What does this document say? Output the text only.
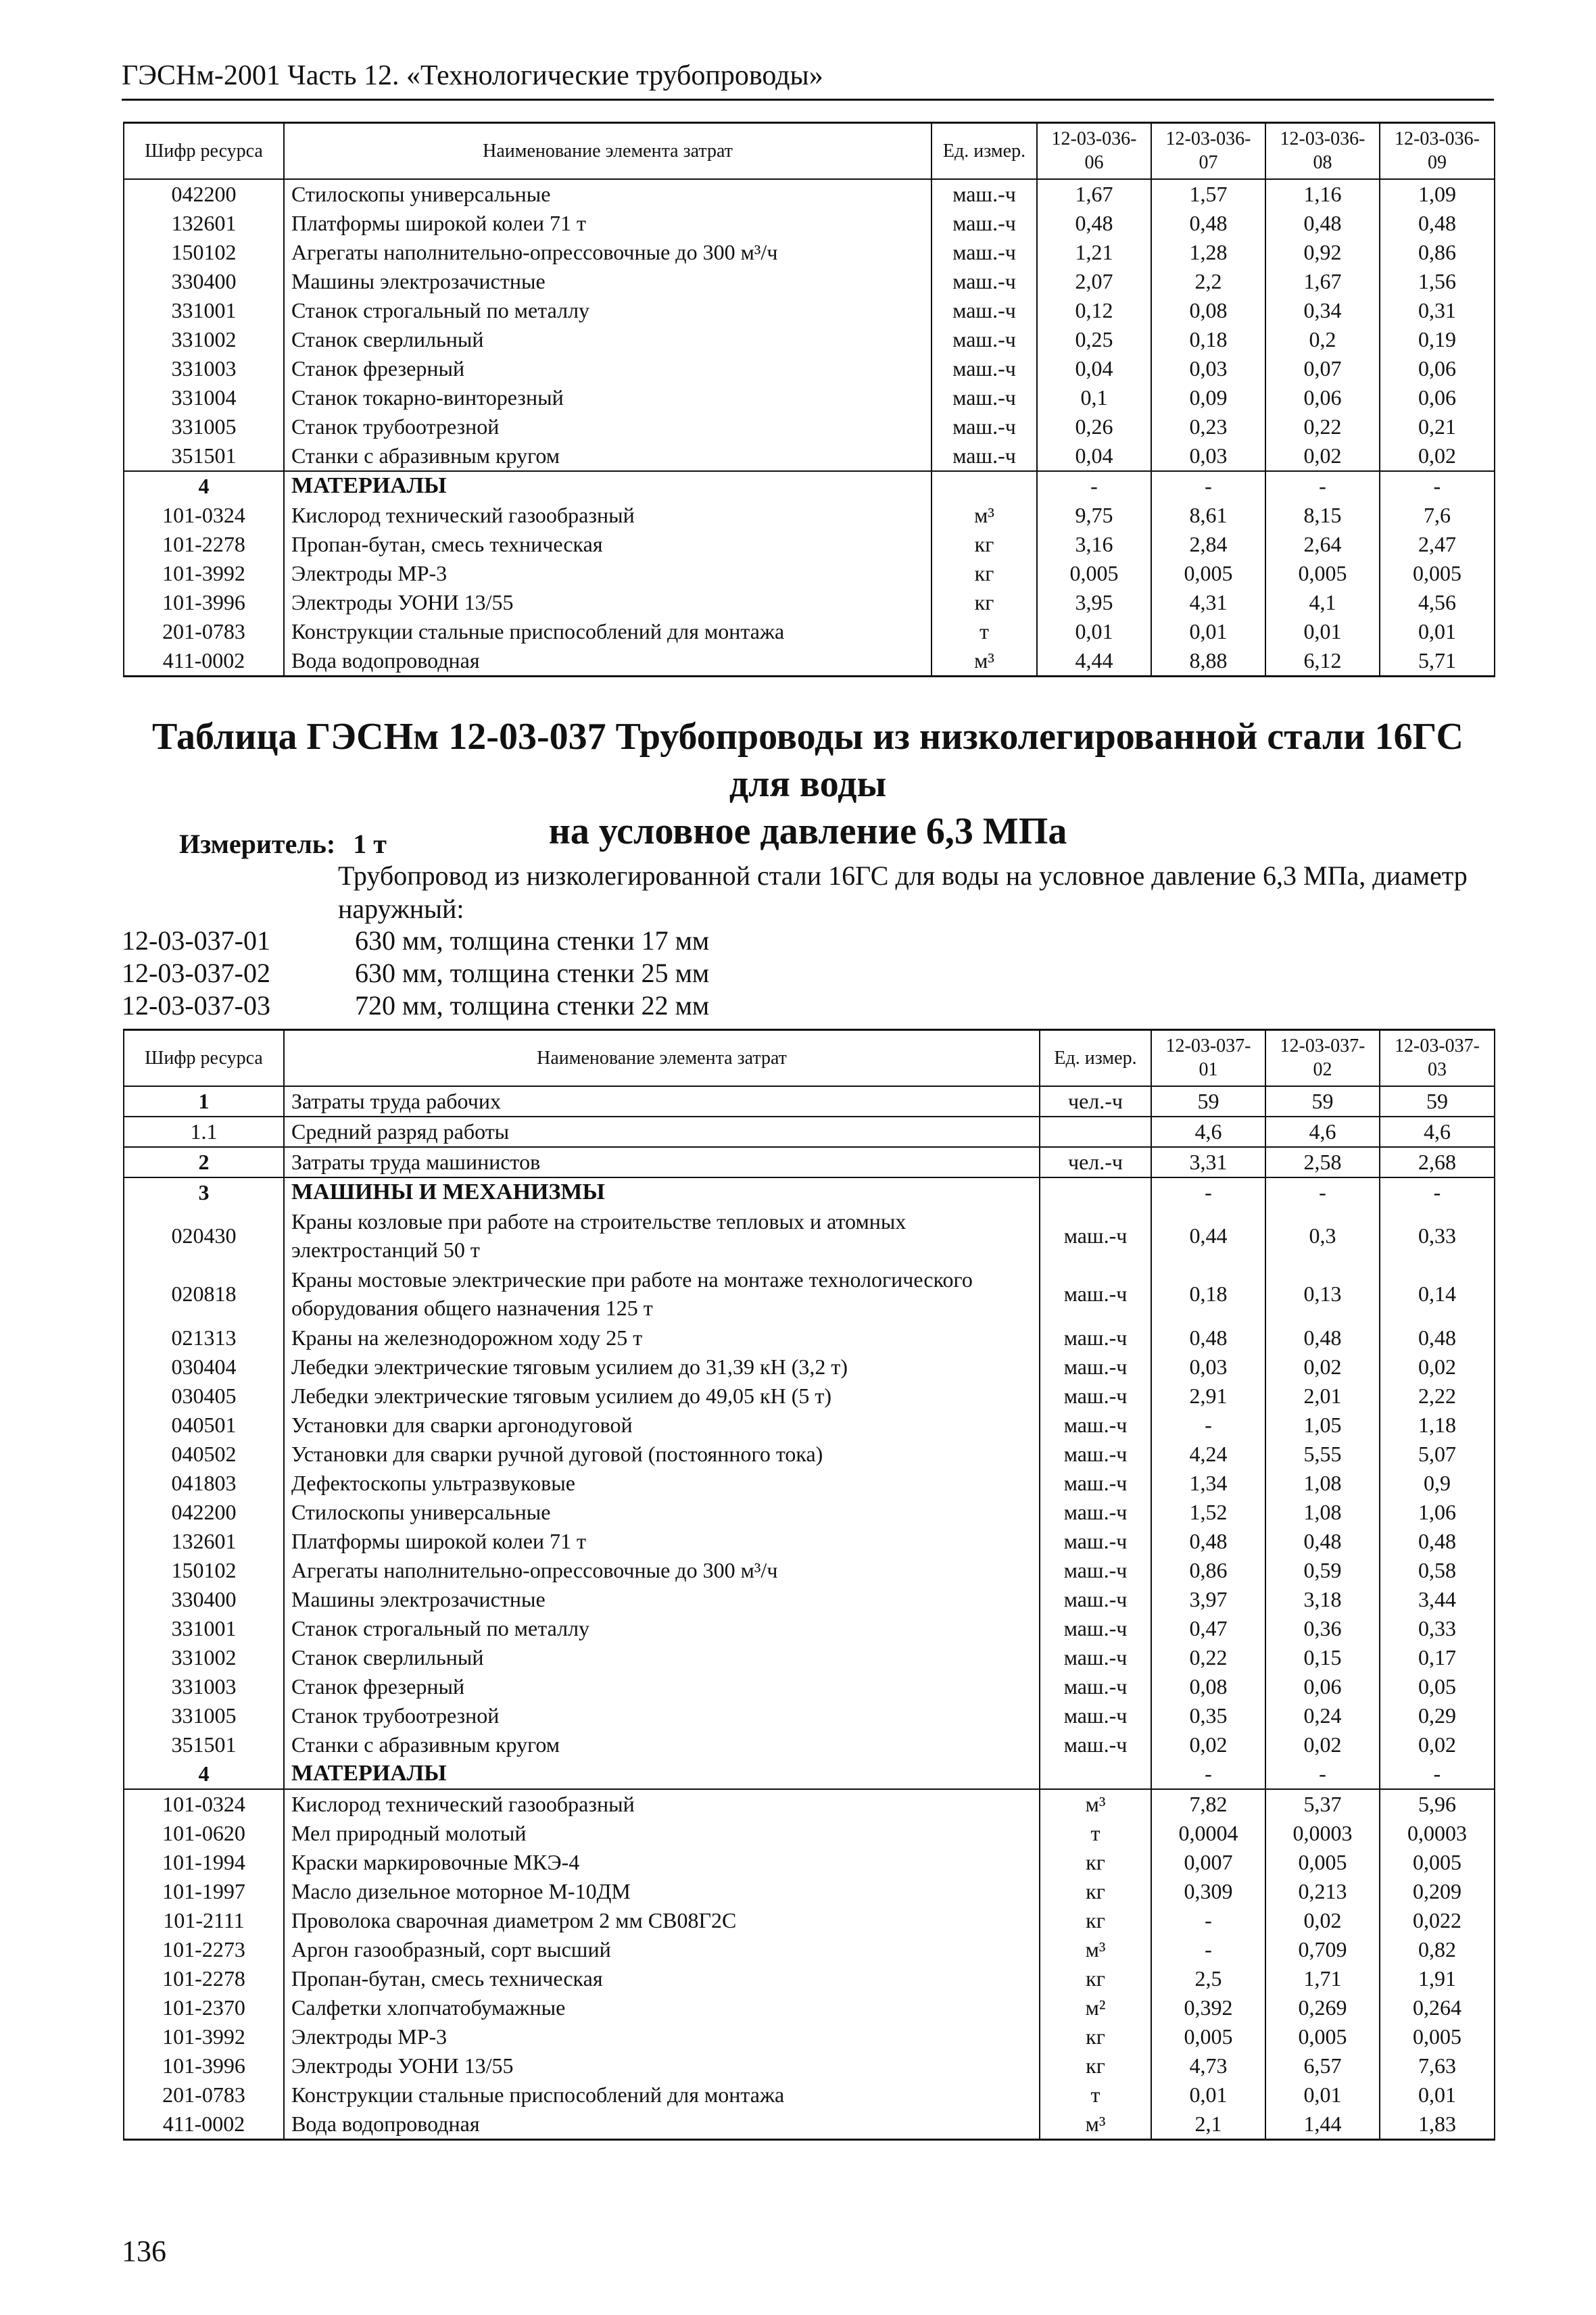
ГЭСНм-2001 Часть 12. «Технологические трубопроводы»
Шифр ресурса	Наименование элемента затрат	Ед. измер.	12-03-036-06	12-03-036-07	12-03-036-08	12-03-036-09
042200	Стилоскопы универсальные	маш.-ч	1,67	1,57	1,16	1,09
132601	Платформы широкой колеи 71 т	маш.-ч	0,48	0,48	0,48	0,48
150102	Агрегаты наполнительно-опрессовочные до 300 м³/ч	маш.-ч	1,21	1,28	0,92	0,86
330400	Машины электрозачистные	маш.-ч	2,07	2,2	1,67	1,56
331001	Станок строгальный по металлу	маш.-ч	0,12	0,08	0,34	0,31
331002	Станок сверлильный	маш.-ч	0,25	0,18	0,2	0,19
331003	Станок фрезерный	маш.-ч	0,04	0,03	0,07	0,06
331004	Станок токарно-винторезный	маш.-ч	0,1	0,09	0,06	0,06
331005	Станок трубоотрезной	маш.-ч	0,26	0,23	0,22	0,21
351501	Станки с абразивным кругом	маш.-ч	0,04	0,03	0,02	0,02
4	МАТЕРИАЛЫ		-	-	-	-
101-0324	Кислород технический газообразный	м³	9,75	8,61	8,15	7,6
101-2278	Пропан-бутан, смесь техническая	кг	3,16	2,84	2,64	2,47
101-3992	Электроды МР-3	кг	0,005	0,005	0,005	0,005
101-3996	Электроды УОНИ 13/55	кг	3,95	4,31	4,1	4,56
201-0783	Конструкции стальные приспособлений для монтажа	т	0,01	0,01	0,01	0,01
411-0002	Вода водопроводная	м³	4,44	8,88	6,12	5,71
Таблица ГЭСНм 12-03-037 Трубопроводы из низколегированной стали 16ГС для воды
на условное давление 6,3 МПа
Измеритель: 1 т
Трубопровод из низколегированной стали 16ГС для воды на условное давление 6,3 МПа, диаметр наружный:
12-03-037-01	630 мм, толщина стенки 17 мм
12-03-037-02	630 мм, толщина стенки 25 мм
12-03-037-03	720 мм, толщина стенки 22 мм
Шифр ресурса	Наименование элемента затрат	Ед. измер.	12-03-037-01	12-03-037-02	12-03-037-03
1	Затраты труда рабочих	чел.-ч	59	59	59
1.1	Средний разряд работы		4,6	4,6	4,6
2	Затраты труда машинистов	чел.-ч	3,31	2,58	2,68
3	МАШИНЫ И МЕХАНИЗМЫ		-	-	-
020430	Краны козловые при работе на строительстве тепловых и атомных электростанций 50 т	маш.-ч	0,44	0,3	0,33
020818	Краны мостовые электрические при работе на монтаже технологического оборудования общего назначения 125 т	маш.-ч	0,18	0,13	0,14
021313	Краны на железнодорожном ходу 25 т	маш.-ч	0,48	0,48	0,48
030404	Лебедки электрические тяговым усилием до 31,39 кН (3,2 т)	маш.-ч	0,03	0,02	0,02
030405	Лебедки электрические тяговым усилием до 49,05 кН (5 т)	маш.-ч	2,91	2,01	2,22
040501	Установки для сварки аргонодуговой	маш.-ч	-	1,05	1,18
040502	Установки для сварки ручной дуговой (постоянного тока)	маш.-ч	4,24	5,55	5,07
041803	Дефектоскопы ультразвуковые	маш.-ч	1,34	1,08	0,9
042200	Стилоскопы универсальные	маш.-ч	1,52	1,08	1,06
132601	Платформы широкой колеи 71 т	маш.-ч	0,48	0,48	0,48
150102	Агрегаты наполнительно-опрессовочные до 300 м³/ч	маш.-ч	0,86	0,59	0,58
330400	Машины электрозачистные	маш.-ч	3,97	3,18	3,44
331001	Станок строгальный по металлу	маш.-ч	0,47	0,36	0,33
331002	Станок сверлильный	маш.-ч	0,22	0,15	0,17
331003	Станок фрезерный	маш.-ч	0,08	0,06	0,05
331005	Станок трубоотрезной	маш.-ч	0,35	0,24	0,29
351501	Станки с абразивным кругом	маш.-ч	0,02	0,02	0,02
4	МАТЕРИАЛЫ		-	-	-
101-0324	Кислород технический газообразный	м³	7,82	5,37	5,96
101-0620	Мел природный молотый	т	0,0004	0,0003	0,0003
101-1994	Краски маркировочные МКЭ-4	кг	0,007	0,005	0,005
101-1997	Масло дизельное моторное М-10ДМ	кг	0,309	0,213	0,209
101-2111	Проволока сварочная диаметром 2 мм СВ08Г2С	кг	-	0,02	0,022
101-2273	Аргон газообразный, сорт высший	м³	-	0,709	0,82
101-2278	Пропан-бутан, смесь техническая	кг	2,5	1,71	1,91
101-2370	Салфетки хлопчатобумажные	м²	0,392	0,269	0,264
101-3992	Электроды МР-3	кг	0,005	0,005	0,005
101-3996	Электроды УОНИ 13/55	кг	4,73	6,57	7,63
201-0783	Конструкции стальные приспособлений для монтажа	т	0,01	0,01	0,01
411-0002	Вода водопроводная	м³	2,1	1,44	1,83
136
